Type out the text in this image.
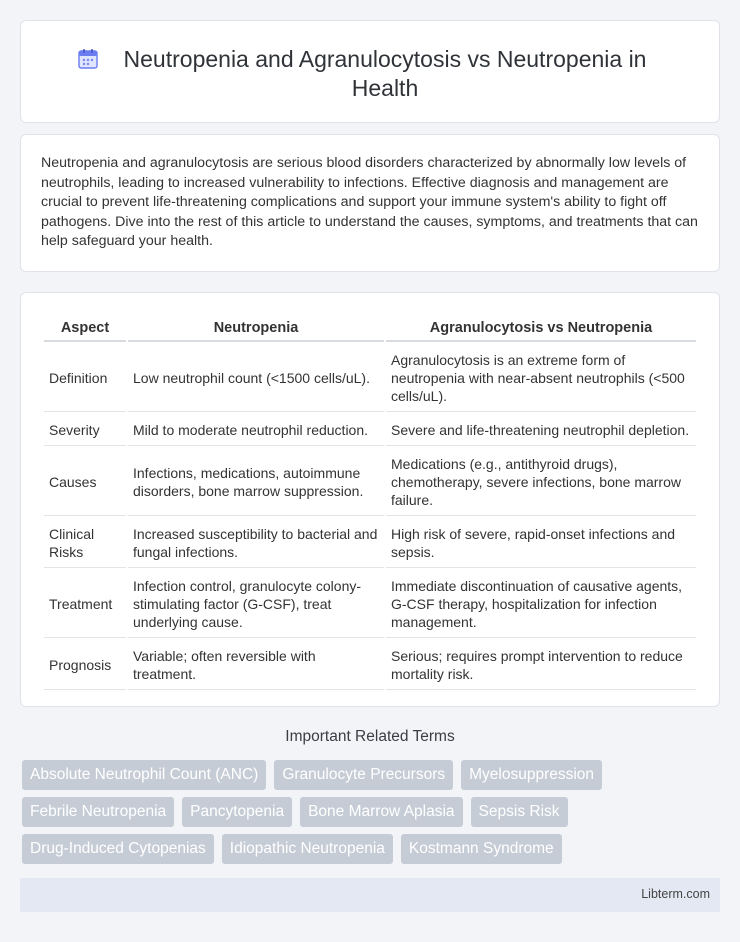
Neutropenia and Agranulocytosis vs Neutropenia in Health

Neutropenia and agranulocytosis are serious blood disorders characterized by abnormally low levels of neutrophils, leading to increased vulnerability to infections. Effective diagnosis and management are crucial to prevent life-threatening complications and support your immune system's ability to fight off pathogens. Dive into the rest of this article to understand the causes, symptoms, and treatments that can help safeguard your health.

Aspect	Neutropenia	Agranulocytosis vs Neutropenia
Definition	Low neutrophil count (<1500 cells/uL).	Agranulocytosis is an extreme form of neutropenia with near-absent neutrophils (<500 cells/uL).
Severity	Mild to moderate neutrophil reduction.	Severe and life-threatening neutrophil depletion.
Causes	Infections, medications, autoimmune disorders, bone marrow suppression.	Medications (e.g., antithyroid drugs), chemotherapy, severe infections, bone marrow failure.
Clinical Risks	Increased susceptibility to bacterial and fungal infections.	High risk of severe, rapid-onset infections and sepsis.
Treatment	Infection control, granulocyte colony-stimulating factor (G-CSF), treat underlying cause.	Immediate discontinuation of causative agents, G-CSF therapy, hospitalization for infection management.
Prognosis	Variable; often reversible with treatment.	Serious; requires prompt intervention to reduce mortality risk.
Important Related Terms
Absolute Neutrophil Count (ANC)	Granulocyte Precursors	Myelosuppression
Febrile Neutropenia	Pancytopenia	Bone Marrow Aplasia	Sepsis Risk
Drug-Induced Cytopenias	Idiopathic Neutropenia	Kostmann Syndrome
Libterm.com
